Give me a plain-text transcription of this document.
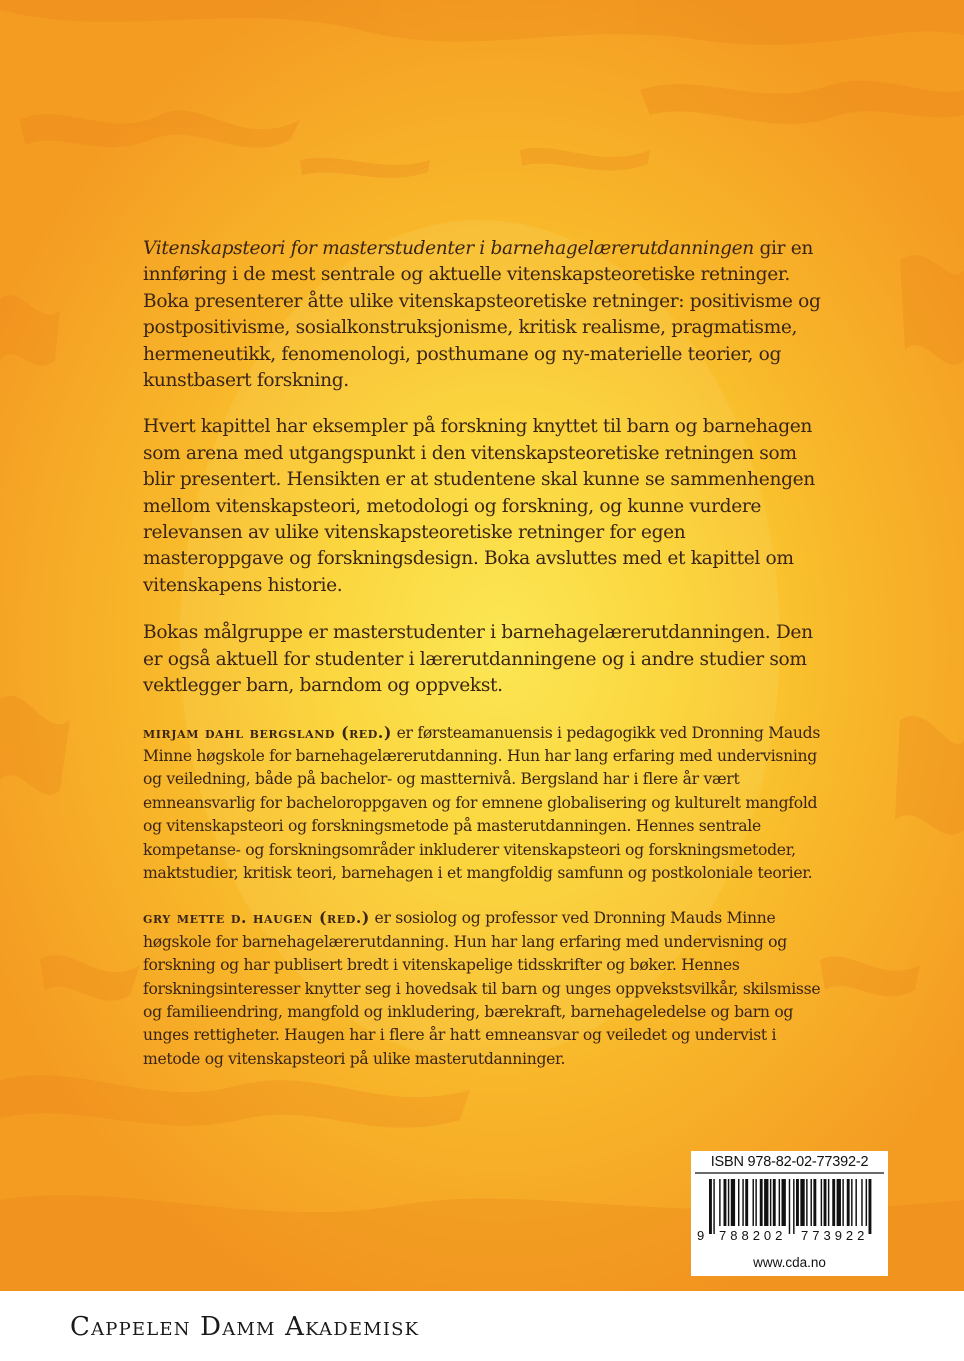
Vitenskapsteori for masterstudenter i barnehagelærerutdanningen gir en innføring i de mest sentrale og aktuelle vitenskapsteoretiske retninger. Boka presenterer åtte ulike vitenskapsteoretiske retninger: positivisme og postpositivisme, sosialkonstruksjonisme, kritisk realisme, pragmatisme, hermeneutikk, fenomenologi, posthumane og ny-materielle teorier, og kunstbasert forskning.

Hvert kapittel har eksempler på forskning knyttet til barn og barnehagen som arena med utgangspunkt i den vitenskapsteoretiske retningen som blir presentert. Hensikten er at studentene skal kunne se sammenhengen mellom vitenskapsteori, metodologi og forskning, og kunne vurdere relevansen av ulike vitenskapsteoretiske retninger for egen masteroppgave og forskningsdesign. Boka avsluttes med et kapittel om vitenskapens historie.

Bokas målgruppe er masterstudenter i barnehagelærerutdanningen. Den er også aktuell for studenter i lærerutdanningene og i andre studier som vektlegger barn, barndom og oppvekst.

mirjam dahl bergsland (red.) er førsteamanuensis i pedagogikk ved Dronning Mauds Minne høgskole for barnehagelærerutdanning. Hun har lang erfaring med undervisning og veiledning, både på bachelor- og mastternivå. Bergsland har i flere år vært emneansvarlig for bacheloroppgaven og for emnene globalisering og kulturelt mangfold og vitenskapsteori og forskningsmetode på masterutdanningen. Hennes sentrale kompetanse- og forskningsområder inkluderer vitenskapsteori og forskningsmetoder, maktstudier, kritisk teori, barnehagen i et mangfoldig samfunn og postkoloniale teorier.

gry mette d. haugen (red.) er sosiolog og professor ved Dronning Mauds Minne høgskole for barnehagelærerutdanning. Hun har lang erfaring med undervisning og forskning og har publisert bredt i vitenskapelige tidsskrifter og bøker. Hennes forskningsinteresser knytter seg i hovedsak til barn og unges oppvekstsvilkår, skilsmisse og familieendring, mangfold og inkludering, bærekraft, barnehageledelse og barn og unges rettigheter. Haugen har i flere år hatt emneansvar og veiledet og undervist i metode og vitenskapsteori på ulike masterutdanninger.

ISBN 978-82-02-77392-2
9 788202 773922
www.cda.no
Cappelen Damm Akademisk
